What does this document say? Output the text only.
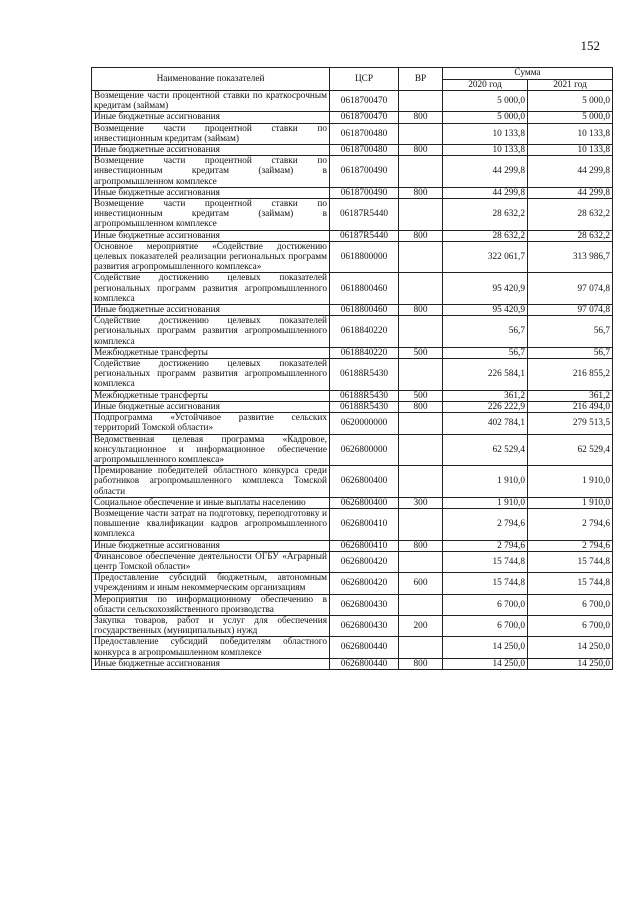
152
Наименование показателей	ЦСР	ВР	Сумма	
			2020 год	2021 год
Возмещение части процентной ставки по краткосрочным кредитам (займам)	0618700470		5 000,0	5 000,0
Иные бюджетные ассигнования	0618700470	800	5 000,0	5 000,0
Возмещение части процентной ставки по инвестиционным кредитам (займам)	0618700480		10 133,8	10 133,8
Иные бюджетные ассигнования	0618700480	800	10 133,8	10 133,8
Возмещение части процентной ставки по инвестиционным кредитам (займам) в агропромышленном комплексе	0618700490		44 299,8	44 299,8
Иные бюджетные ассигнования	0618700490	800	44 299,8	44 299,8
Возмещение части процентной ставки по инвестиционным кредитам (займам) в агропромышленном комплексе	06187R5440		28 632,2	28 632,2
Иные бюджетные ассигнования	06187R5440	800	28 632,2	28 632,2
Основное мероприятие «Содействие достижению целевых показателей реализации региональных программ развития агропромышленного комплекса»	0618800000		322 061,7	313 986,7
Содействие достижению целевых показателей региональных программ развития агропромышленного комплекса	0618800460		95 420,9	97 074,8
Иные бюджетные ассигнования	0618800460	800	95 420,9	97 074,8
Содействие достижению целевых показателей региональных программ развития агропромышленного комплекса	0618840220		56,7	56,7
Межбюджетные трансферты	0618840220	500	56,7	56,7
Содействие достижению целевых показателей региональных программ развития агропромышленного комплекса	06188R5430		226 584,1	216 855,2
Межбюджетные трансферты	06188R5430	500	361,2	361,2
Иные бюджетные ассигнования	06188R5430	800	226 222,9	216 494,0
Подпрограмма «Устойчивое развитие сельских территорий Томской области»	0620000000		402 784,1	279 513,5
Ведомственная целевая программа «Кадровое, консультационное и информационное обеспечение агропромышленного комплекса»	0626800000		62 529,4	62 529,4
Премирование победителей областного конкурса среди работников агропромышленного комплекса Томской области	0626800400		1 910,0	1 910,0
Социальное обеспечение и иные выплаты населению	0626800400	300	1 910,0	1 910,0
Возмещение части затрат на подготовку, переподготовку и повышение квалификации кадров агропромышленного комплекса	0626800410		2 794,6	2 794,6
Иные бюджетные ассигнования	0626800410	800	2 794,6	2 794,6
Финансовое обеспечение деятельности ОГБУ «Аграрный центр Томской области»	0626800420		15 744,8	15 744,8
Предоставление субсидий бюджетным, автономным учреждениям и иным некоммерческим организациям	0626800420	600	15 744,8	15 744,8
Мероприятия по информационному обеспечению в области сельскохозяйственного производства	0626800430		6 700,0	6 700,0
Закупка товаров, работ и услуг для обеспечения государственных (муниципальных) нужд	0626800430	200	6 700,0	6 700,0
Предоставление субсидий победителям областного конкурса в агропромышленном комплексе	0626800440		14 250,0	14 250,0
Иные бюджетные ассигнования	0626800440	800	14 250,0	14 250,0
